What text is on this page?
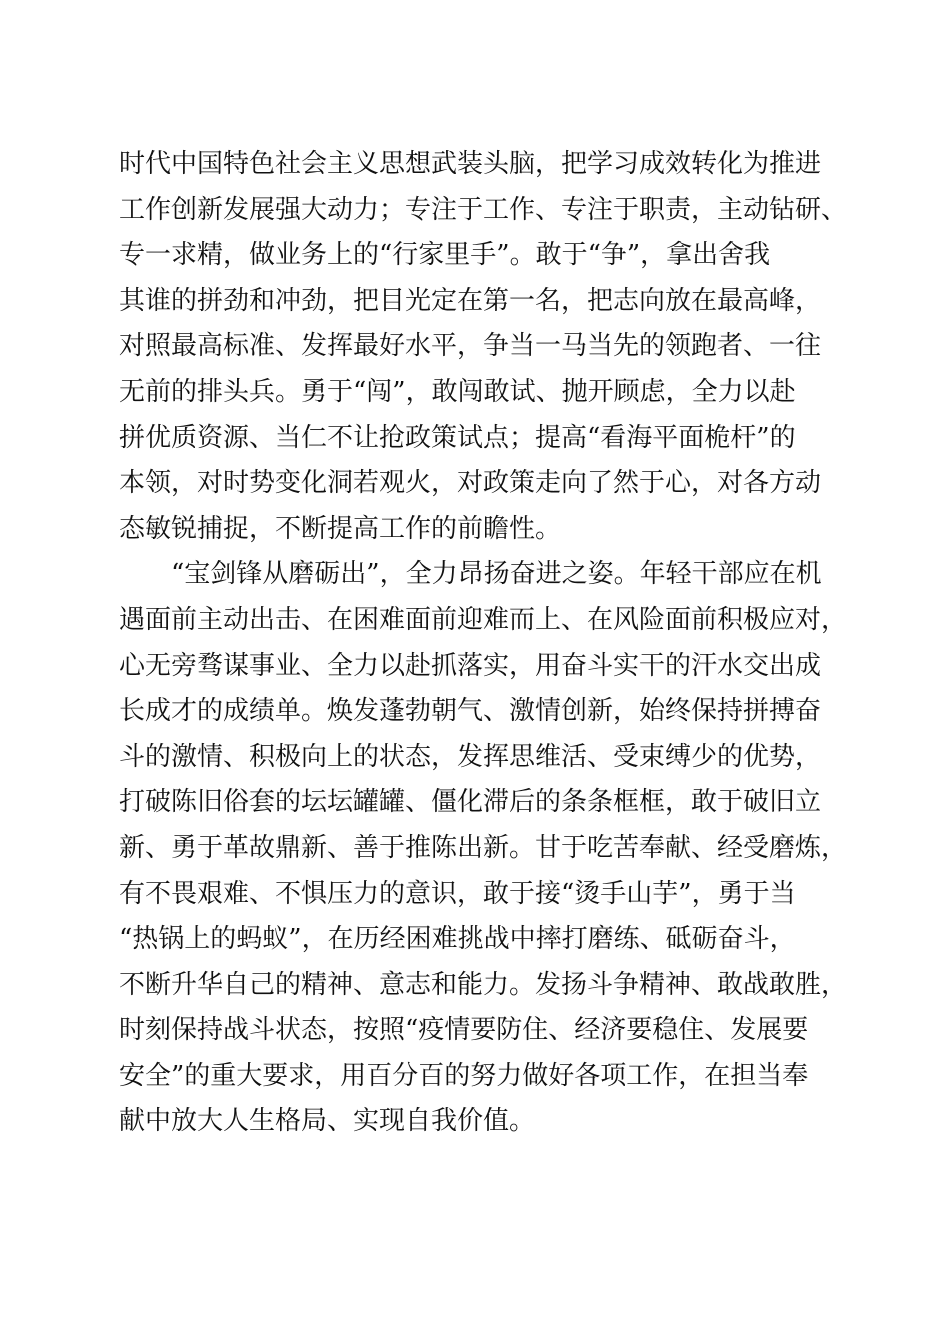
时代中国特色社会主义思想武装头脑，把学习成效转化为推进
工作创新发展强大动力；专注于工作、专注于职责，主动钻研、
专一求精，做业务上的“行家里手”。敢于“争”，拿出舍我
其谁的拼劲和冲劲，把目光定在第一名，把志向放在最高峰，
对照最高标准、发挥最好水平，争当一马当先的领跑者、一往
无前的排头兵。勇于“闯”，敢闯敢试、抛开顾虑，全力以赴
拼优质资源、当仁不让抢政策试点；提高“看海平面桅杆”的
本领，对时势变化洞若观火，对政策走向了然于心，对各方动
态敏锐捕捉，不断提高工作的前瞻性。
“宝剑锋从磨砺出”，全力昂扬奋进之姿。年轻干部应在机
遇面前主动出击、在困难面前迎难而上、在风险面前积极应对，
心无旁骛谋事业、全力以赴抓落实，用奋斗实干的汗水交出成
长成才的成绩单。焕发蓬勃朝气、激情创新，始终保持拼搏奋
斗的激情、积极向上的状态，发挥思维活、受束缚少的优势，
打破陈旧俗套的坛坛罐罐、僵化滞后的条条框框，敢于破旧立
新、勇于革故鼎新、善于推陈出新。甘于吃苦奉献、经受磨炼，
有不畏艰难、不惧压力的意识，敢于接“烫手山芋”，勇于当
“热锅上的蚂蚁”，在历经困难挑战中摔打磨练、砥砺奋斗，
不断升华自己的精神、意志和能力。发扬斗争精神、敢战敢胜，
时刻保持战斗状态，按照“疫情要防住、经济要稳住、发展要
安全”的重大要求，用百分百的努力做好各项工作，在担当奉
献中放大人生格局、实现自我价值。
